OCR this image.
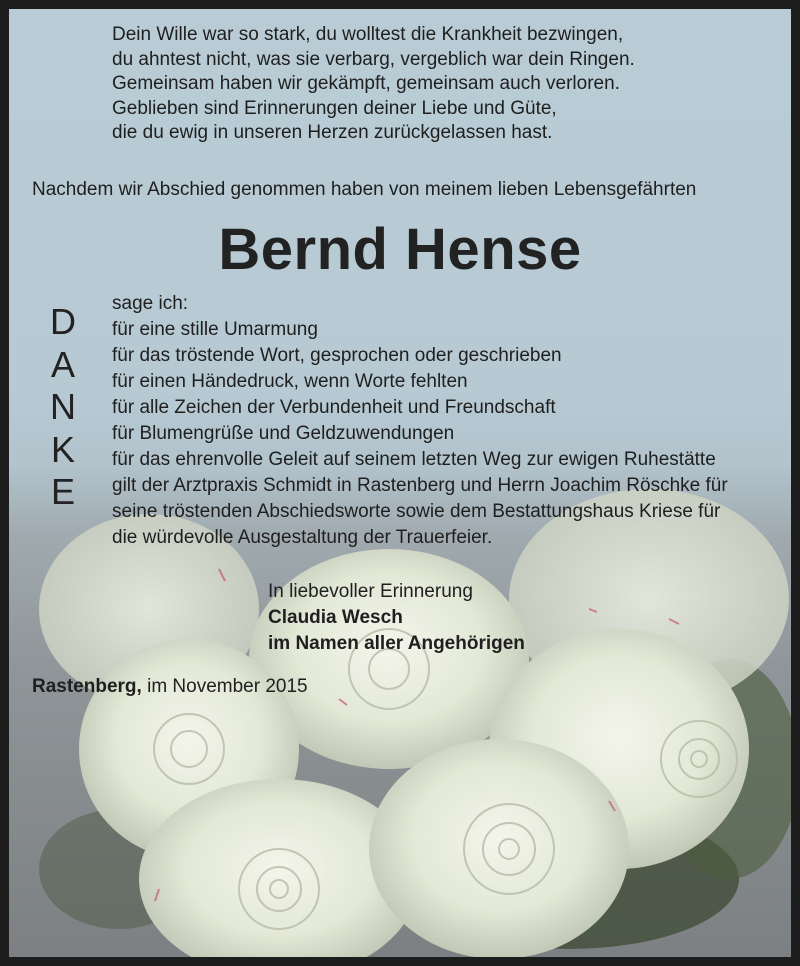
Dein Wille war so stark, du wolltest die Krankheit bezwingen,
du ahntest nicht, was sie verbarg, vergeblich war dein Ringen.
Gemeinsam haben wir gekämpft, gemeinsam auch verloren.
Geblieben sind Erinnerungen deiner Liebe und Güte,
die du ewig in unseren Herzen zurückgelassen hast.
Nachdem wir Abschied genommen haben von meinem lieben Lebensgefährten
Bernd Hense
D
A
N
K
E
sage ich:
für eine stille Umarmung
für das tröstende Wort, gesprochen oder geschrieben
für einen Händedruck, wenn Worte fehlten
für alle Zeichen der Verbundenheit und Freundschaft
für Blumengrüße und Geldzuwendungen
für das ehrenvolle Geleit auf seinem letzten Weg zur ewigen Ruhestätte
gilt der Arztpraxis Schmidt in Rastenberg und Herrn Joachim Röschke für
seine tröstenden Abschiedsworte sowie dem Bestattungshaus Kriese für
die würdevolle Ausgestaltung der Trauerfeier.
In liebevoller Erinnerung
Claudia Wesch
im Namen aller Angehörigen
Rastenberg, im November 2015
